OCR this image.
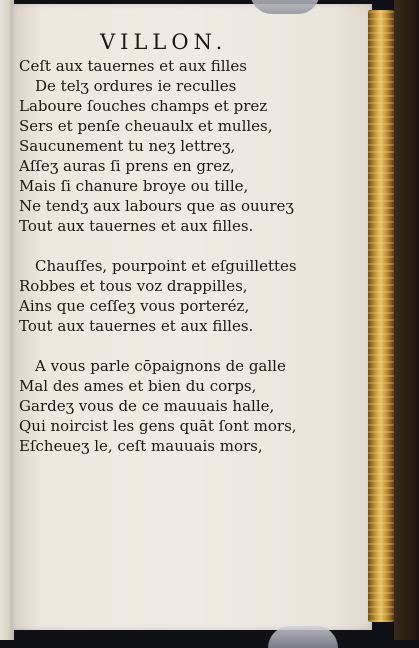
VILLON.
Ceſt aux tauernes et aux filles
De telʒ ordures ie reculles
Laboure ſouches champs et prez
Sers et penſe cheuaulx et mulles,
Saucunement tu neʒ lettreʒ,
Aſſeʒ auras ſi prens en grez,
Mais ſi chanure broye ou tille,
Ne tendʒ aux labours que as ouureʒ
Tout aux tauernes et aux filles.
Chauſſes, pourpoint et eſguillettes
Robbes et tous voz drappilles,
Ains que ceſſeʒ vous porteréz,
Tout aux tauernes et aux filles.
A vous parle cōpaignons de galle
Mal des ames et bien du corps,
Gardeʒ vous de ce mauuais halle,
Qui noircist les gens quāt ſont mors,
Eſcheueʒ le, ceſt mauuais mors,
